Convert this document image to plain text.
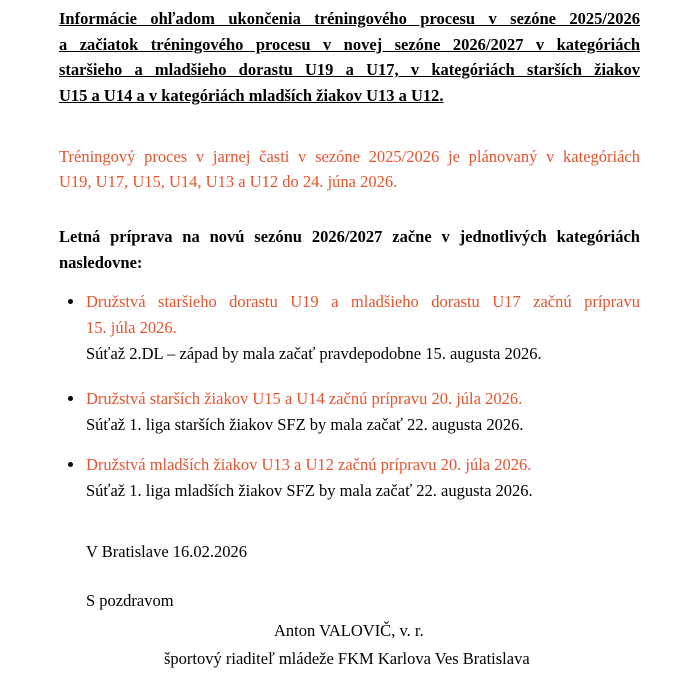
Informácie ohľadom ukončenia tréningového procesu v sezóne 2025/2026
a začiatok tréningového procesu v novej sezóne 2026/2027 v kategóriách
staršieho a mladšieho dorastu U19 a U17, v kategóriách starších žiakov
U15 a U14 a v kategóriách mladších žiakov U13 a U12.
Tréningový proces v jarnej časti v sezóne 2025/2026 je plánovaný v kategóriách
U19, U17, U15, U14, U13 a U12 do 24. júna 2026.
Letná príprava na novú sezónu 2026/2027 začne v jednotlivých kategóriách
nasledovne:
Družstvá staršieho dorastu U19 a mladšieho dorastu U17 začnú prípravu
15. júla 2026.
Súťaž 2.DL – západ by mala začať pravdepodobne 15. augusta 2026.
Družstvá starších žiakov U15 a U14 začnú prípravu 20. júla 2026.
Súťaž 1. liga starších žiakov SFZ by mala začať 22. augusta 2026.
Družstvá mladších žiakov U13 a U12 začnú prípravu 20. júla 2026.
Súťaž 1. liga mladších žiakov SFZ by mala začať 22. augusta 2026.
V Bratislave 16.02.2026
S pozdravom
Anton VALOVIČ, v. r.
športový riaditeľ mládeže FKM Karlova Ves Bratislava
